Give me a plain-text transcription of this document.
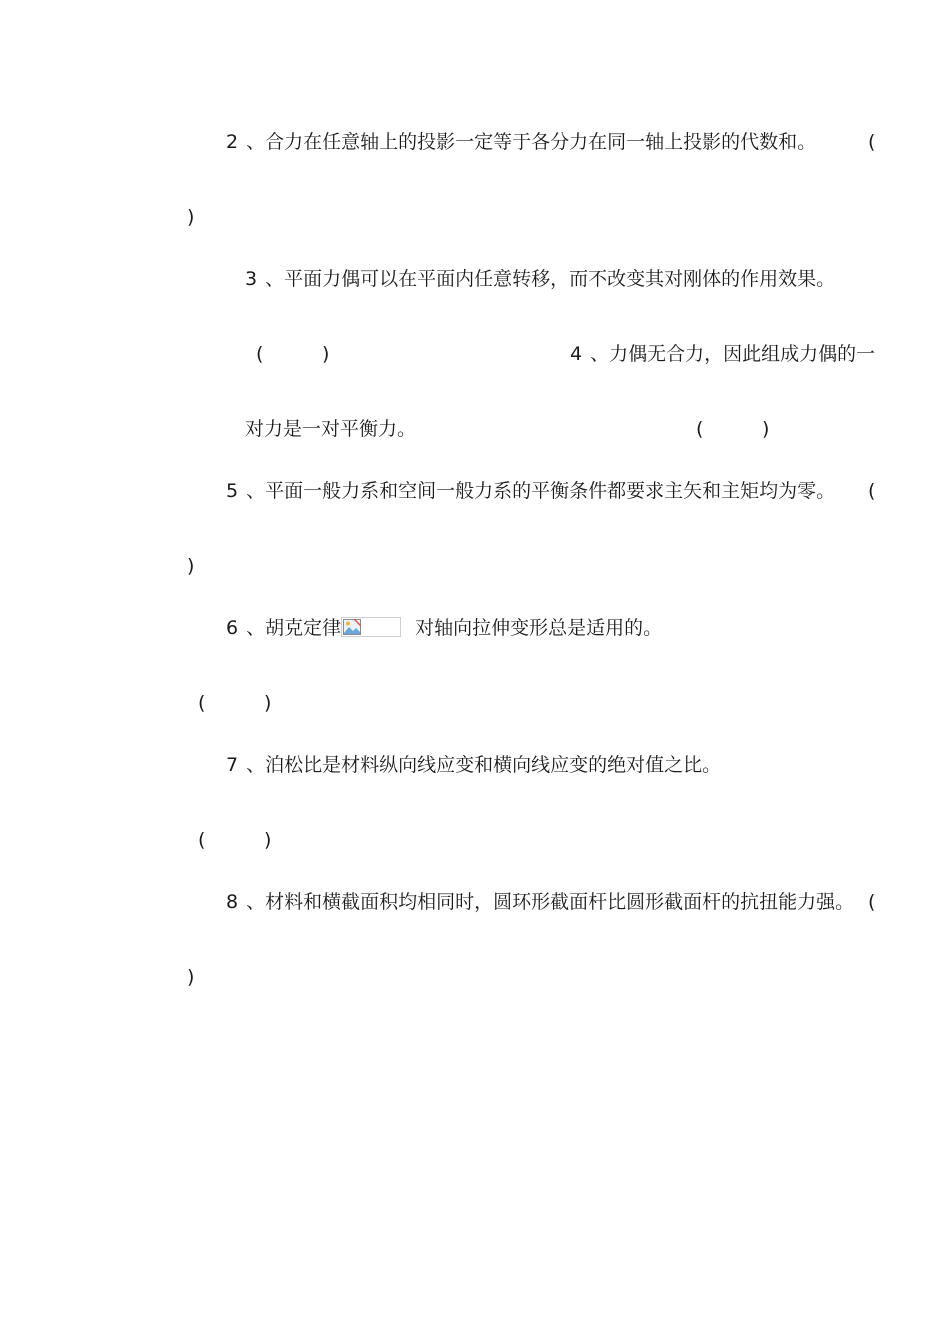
2 、合力在任意轴上的投影一定等于各分力在同一轴上投影的代数和。	(
)
3 、平面力偶可以在平面内任意转移，而不改变其对刚体的作用效果。
(	)	4 、力偶无合力，因此组成力偶的一
对力是一对平衡力。	(	)
5 、平面一般力系和空间一般力系的平衡条件都要求主矢和主矩均为零。 (
)
6 、胡克定律	对轴向拉伸变形总是适用的。
(	)
7 、泊松比是材料纵向线应变和横向线应变的绝对值之比。
(	)
8 、材料和横截面积均相同时，圆环形截面杆比圆形截面杆的抗扭能力强。 (
)
